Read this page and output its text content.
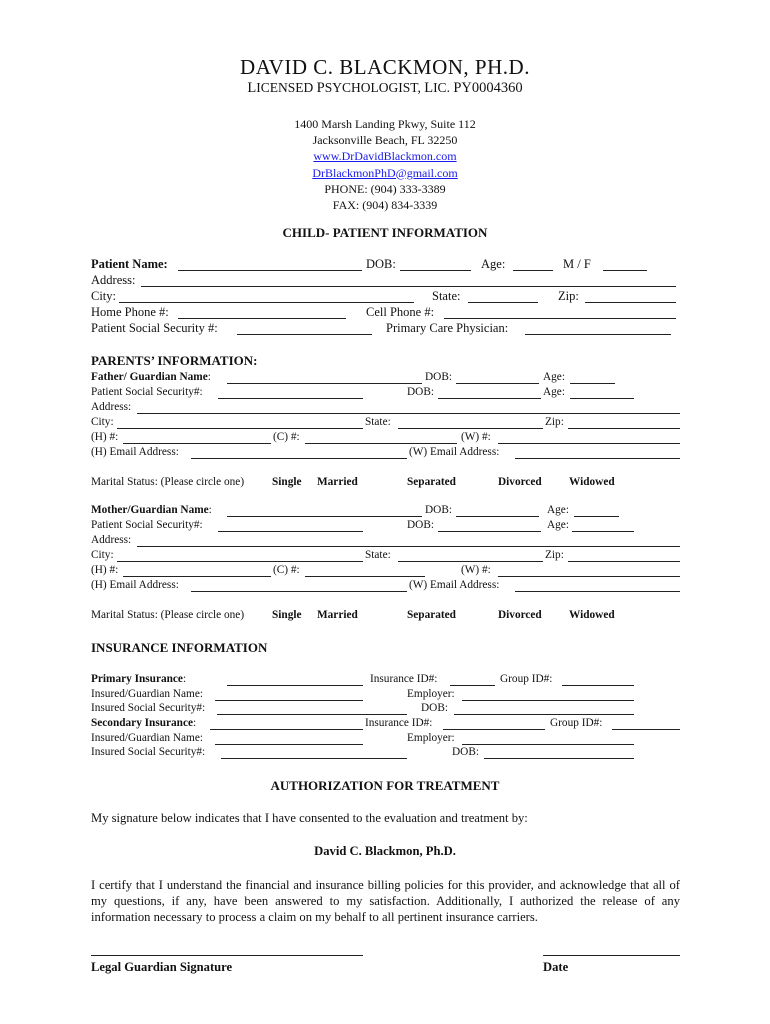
DAVID C. BLACKMON, PH.D.
LICENSED PSYCHOLOGIST, LIC. PY0004360
1400 Marsh Landing Pkwy, Suite 112
Jacksonville Beach, FL 32250
www.DrDavidBlackmon.com
DrBlackmonPhD@gmail.com
PHONE: (904) 333-3389
FAX: (904) 834-3339
CHILD- PATIENT INFORMATION
Patient Name:	DOB:	Age:	M / F
Address:
City:	State:	Zip:
Home Phone #:	Cell Phone #:
Patient Social Security #:	Primary Care Physician:
PARENTS’ INFORMATION:
Father/ Guardian Name:	DOB:	Age:
Patient Social Security#:	DOB:	Age:
Address:
City:	State:	Zip:
(H) #:	(C) #:	(W) #:
(H) Email Address:	(W) Email Address:
Marital Status: (Please circle one) Single Married	Separated	Divorced Widowed
Mother/Guardian Name:	DOB:	Age:
Patient Social Security#:	DOB:	Age:
Address:
City:	State:	Zip:
(H) #:	(C) #:	(W) #:
(H) Email Address:	(W) Email Address:
Marital Status: (Please circle one) Single Married	Separated	Divorced Widowed
INSURANCE INFORMATION
Primary Insurance:	Insurance ID#:	Group ID#:
Insured/Guardian Name:	Employer:
Insured Social Security#:	DOB:
Secondary Insurance:	Insurance ID#:	Group ID#:
Insured/Guardian Name:	Employer:
Insured Social Security#:	DOB:
AUTHORIZATION FOR TREATMENT
My signature below indicates that I have consented to the evaluation and treatment by:
David C. Blackmon, Ph.D.
I certify that I understand the financial and insurance billing policies for this provider, and acknowledge that all of my questions, if any, have been answered to my satisfaction. Additionally, I authorized the release of any information necessary to process a claim on my behalf to all pertinent insurance carriers.
Legal Guardian Signature	Date
